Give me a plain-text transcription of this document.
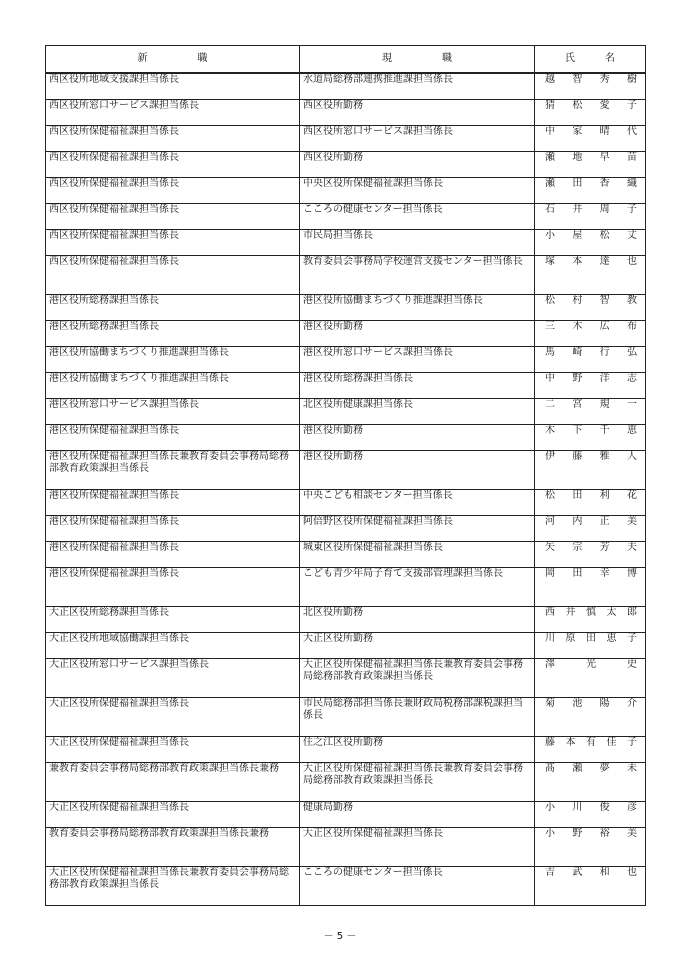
新　　　　　職	現　　　　　職	氏　　　名
西区役所地域支援課担当係長	水道局総務部連携推進課担当係長	越智秀樹
西区役所窓口サービス課担当係長	西区役所勤務	猜松愛子
西区役所保健福祉課担当係長	西区役所窓口サービス課担当係長	中家晴代
西区役所保健福祉課担当係長	西区役所勤務	瀬地早苗
西区役所保健福祉課担当係長	中央区役所保健福祉課担当係長	瀬田香織
西区役所保健福祉課担当係長	こころの健康センター担当係長	石井周子
西区役所保健福祉課担当係長	市民局担当係長	小屋松丈
西区役所保健福祉課担当係長	教育委員会事務局学校運営支援センター担当係長	塚本達也
港区役所総務課担当係長	港区役所協働まちづくり推進課担当係長	松村智教
港区役所総務課担当係長	港区役所勤務	三木広布
港区役所協働まちづくり推進課担当係長	港区役所窓口サービス課担当係長	馬崎行弘
港区役所協働まちづくり推進課担当係長	港区役所総務課担当係長	中野洋志
港区役所窓口サービス課担当係長	北区役所健康課担当係長	二宮規一
港区役所保健福祉課担当係長	港区役所勤務	木下千恵
港区役所保健福祉課担当係長兼教育委員会事務局総務部教育政策課担当係長	港区役所勤務	伊藤雅人
港区役所保健福祉課担当係長	中央こども相談センター担当係長	松田利花
港区役所保健福祉課担当係長	阿倍野区役所保健福祉課担当係長	河内正美
港区役所保健福祉課担当係長	城東区役所保健福祉課担当係長	矢宗芳夫
港区役所保健福祉課担当係長	こども青少年局子育て支援部管理課担当係長	岡田幸博
大正区役所総務課担当係長	北区役所勤務	西井慎太郎
大正区役所地域協働課担当係長	大正区役所勤務	川原田恵子
大正区役所窓口サービス課担当係長	大正区役所保健福祉課担当係長兼教育委員会事務局総務部教育政策課担当係長	澤光史
大正区役所保健福祉課担当係長	市民局総務部担当係長兼財政局税務部課税課担当係長	菊池陽介
大正区役所保健福祉課担当係長	住之江区役所勤務	藤本有佳子
兼教育委員会事務局総務部教育政策課担当係長兼務	大正区役所保健福祉課担当係長兼教育委員会事務局総務部教育政策課担当係長	髙瀬夢未
大正区役所保健福祉課担当係長	健康局勤務	小川俊彦
教育委員会事務局総務部教育政策課担当係長兼務	大正区役所保健福祉課担当係長	小野裕美
大正区役所保健福祉課担当係長兼教育委員会事務局総務部教育政策課担当係長	こころの健康センター担当係長	吉武和也
－ 5 －
